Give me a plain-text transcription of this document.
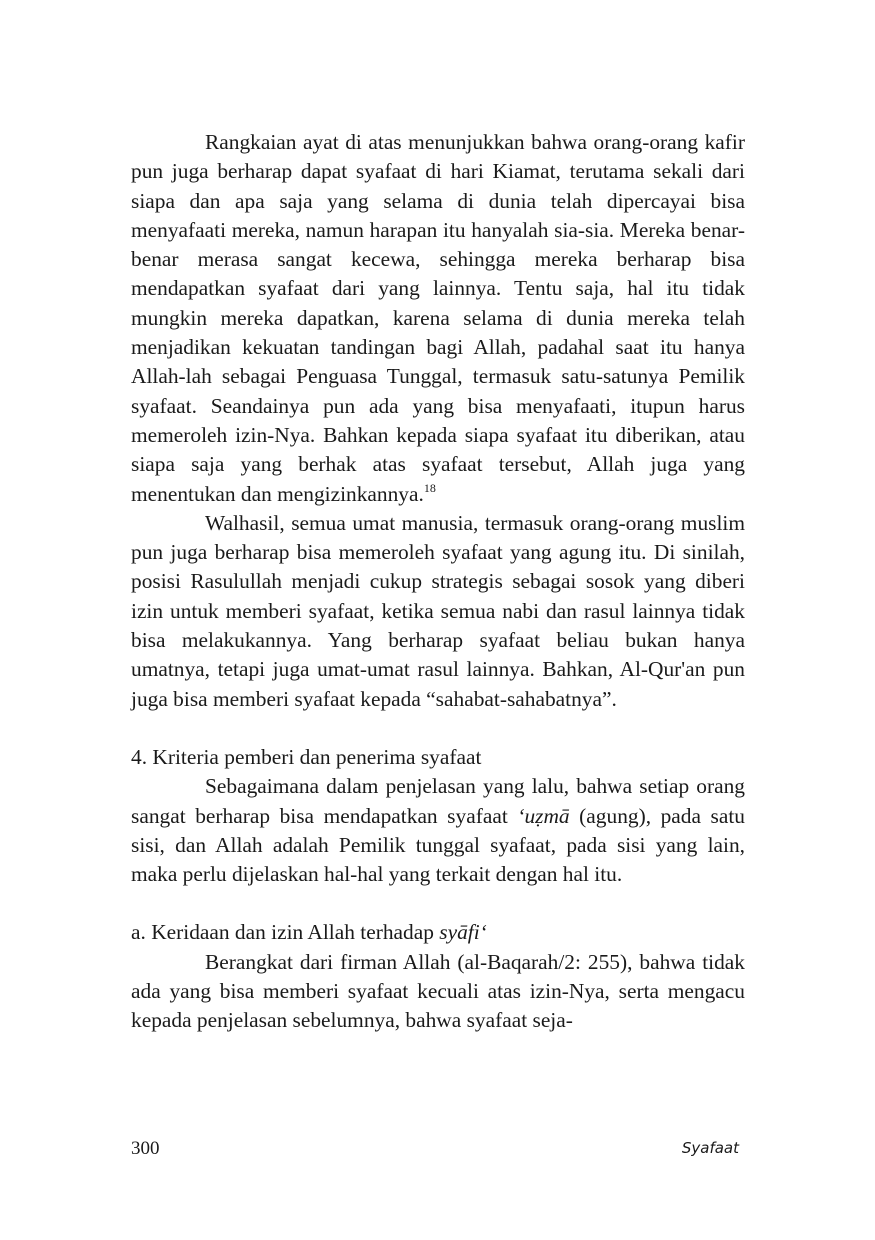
Rangkaian ayat di atas menunjukkan bahwa orang-orang kafir pun juga berharap dapat syafaat di hari Kiamat, terutama sekali dari siapa dan apa saja yang selama di dunia telah dipercayai bisa menyafaati mereka, namun harapan itu hanyalah sia-sia. Mereka benar-benar merasa sangat kecewa, sehingga mereka berharap bisa mendapatkan syafaat dari yang lainnya. Tentu saja, hal itu tidak mungkin mereka dapatkan, karena selama di dunia mereka telah menjadikan kekuatan tandingan bagi Allah, padahal saat itu hanya Allah-lah sebagai Penguasa Tunggal, termasuk satu-satunya Pemilik syafaat. Seandainya pun ada yang bisa menyafaati, itupun harus memeroleh izin-Nya. Bahkan kepada siapa syafaat itu diberikan, atau siapa saja yang berhak atas syafaat tersebut, Allah juga yang menentukan dan mengizinkannya.$^{18}$

Walhasil, semua umat manusia, termasuk orang-orang muslim pun juga berharap bisa memeroleh syafaat yang agung itu. Di sinilah, posisi Rasulullah menjadi cukup strategis sebagai sosok yang diberi izin untuk memberi syafaat, ketika semua nabi dan rasul lainnya tidak bisa melakukannya. Yang berharap syafaat beliau bukan hanya umatnya, tetapi juga umat-umat rasul lainnya. Bahkan, Al-Qur'an pun juga bisa memberi syafaat kepada “sahabat-sahabatnya”.

4. Kriteria pemberi dan penerima syafaat

Sebagaimana dalam penjelasan yang lalu, bahwa setiap orang sangat berharap bisa mendapatkan syafaat ‘uẓmā (agung), pada satu sisi, dan Allah adalah Pemilik tunggal syafaat, pada sisi yang lain, maka perlu dijelaskan hal-hal yang terkait dengan hal itu.

a. Keridaan dan izin Allah terhadap syāfi‘

Berangkat dari firman Allah (al-Baqarah/2: 255), bahwa tidak ada yang bisa memberi syafaat kecuali atas izin-Nya, serta mengacu kepada penjelasan sebelumnya, bahwa syafaat seja-

300	Syafaat
